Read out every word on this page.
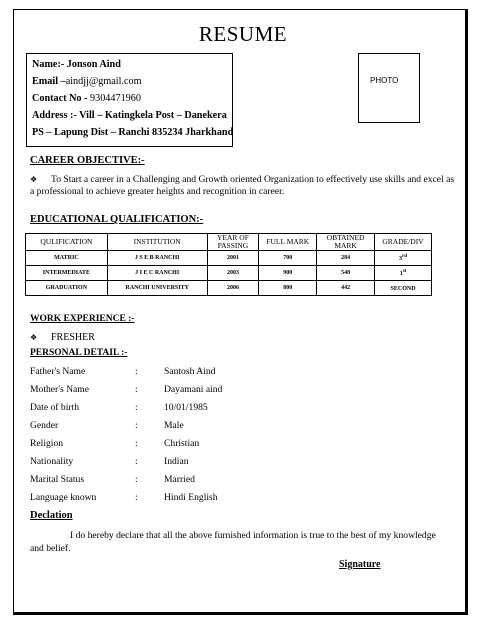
RESUME
Name:- Jonson Aind
Email –aindjj@gmail.com
Contact No - 9304471960
Address :- Vill – Katingkela Post – Danekera
PS – Lapung Dist – Ranchi 835234 Jharkhand
PHOTO
CAREER OBJECTIVE:-
❖ To Start a career in a Challenging and Growth oriented Organization to effectively use skills and excel as a professional to achieve greater heights and recognition in career.
EDUCATIONAL QUALIFICATION:-
QULIFICATION	INSTITUTION	YEAR OF PASSING	FULL MARK	OBTAINED MARK	GRADE/DIV
MATRIC	J S E B RANCHI	2001	700	284	3rd
INTERMEDIATE	J I E C RANCHI	2003	900	548	1st
GRADUATION	RANCHI UNIVERSITY	2006	800	442	SECOND
WORK EXPERIENCE :-
❖ FRESHER
PERSONAL DETAIL :-
Father's Name	:	Santosh Aind
Mother's Name	:	Dayamani aind
Date of birth	:	10/01/1985
Gender	:	Male
Religion	:	Christian
Nationality	:	Indian
Marital Status	:	Married
Language known	:	Hindi English
Declation
I do hereby declare that all the above furnished information is true to the best of my knowledge and belief.
Signature
